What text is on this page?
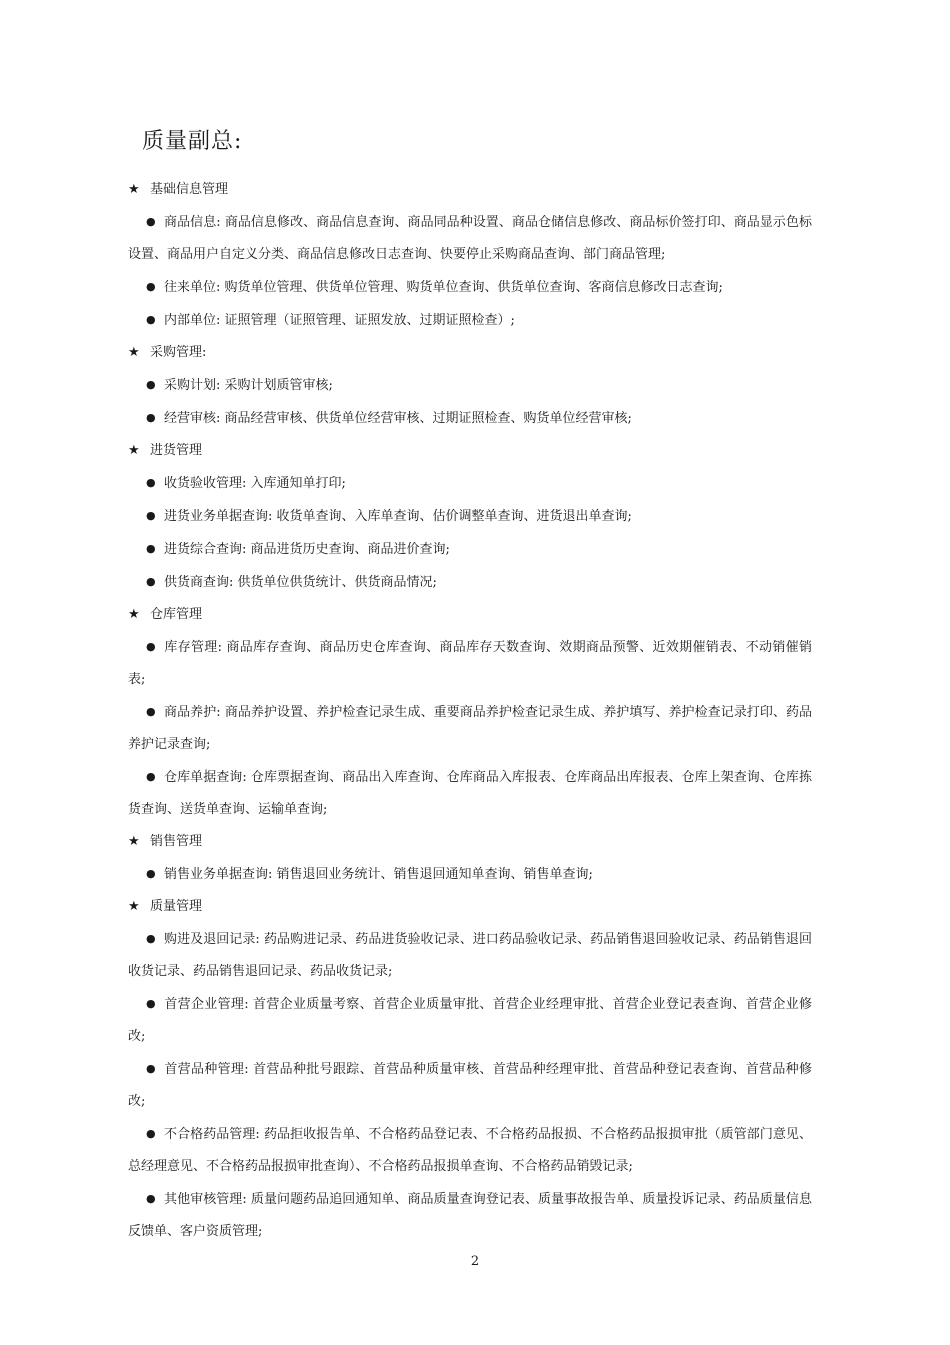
质量副总:
★ 基础信息管理
● 商品信息: 商品信息修改、商品信息查询、商品同品种设置、商品仓储信息修改、商品标价签打印、商品显示色标设置、商品用户自定义分类、商品信息修改日志查询、快要停止采购商品查询、部门商品管理;
● 往来单位: 购货单位管理、供货单位管理、购货单位查询、供货单位查询、客商信息修改日志查询;
● 内部单位: 证照管理（证照管理、证照发放、过期证照检查）;
★ 采购管理:
● 采购计划: 采购计划质管审核;
● 经营审核: 商品经营审核、供货单位经营审核、过期证照检查、购货单位经营审核;
★ 进货管理
● 收货验收管理: 入库通知单打印;
● 进货业务单据查询: 收货单查询、入库单查询、估价调整单查询、进货退出单查询;
● 进货综合查询: 商品进货历史查询、商品进价查询;
● 供货商查询: 供货单位供货统计、供货商品情况;
★ 仓库管理
● 库存管理: 商品库存查询、商品历史仓库查询、商品库存天数查询、效期商品预警、近效期催销表、不动销催销表;
● 商品养护: 商品养护设置、养护检查记录生成、重要商品养护检查记录生成、养护填写、养护检查记录打印、药品养护记录查询;
● 仓库单据查询: 仓库票据查询、商品出入库查询、仓库商品入库报表、仓库商品出库报表、仓库上架查询、仓库拣货查询、送货单查询、运输单查询;
★ 销售管理
● 销售业务单据查询: 销售退回业务统计、销售退回通知单查询、销售单查询;
★ 质量管理
● 购进及退回记录: 药品购进记录、药品进货验收记录、进口药品验收记录、药品销售退回验收记录、药品销售退回收货记录、药品销售退回记录、药品收货记录;
● 首营企业管理: 首营企业质量考察、首营企业质量审批、首营企业经理审批、首营企业登记表查询、首营企业修改;
● 首营品种管理: 首营品种批号跟踪、首营品种质量审核、首营品种经理审批、首营品种登记表查询、首营品种修改;
● 不合格药品管理: 药品拒收报告单、不合格药品登记表、不合格药品报损、不合格药品报损审批（质管部门意见、总经理意见、不合格药品报损审批查询）、不合格药品报损单查询、不合格药品销毁记录;
● 其他审核管理: 质量问题药品追回通知单、商品质量查询登记表、质量事故报告单、质量投诉记录、药品质量信息反馈单、客户资质管理;
2
